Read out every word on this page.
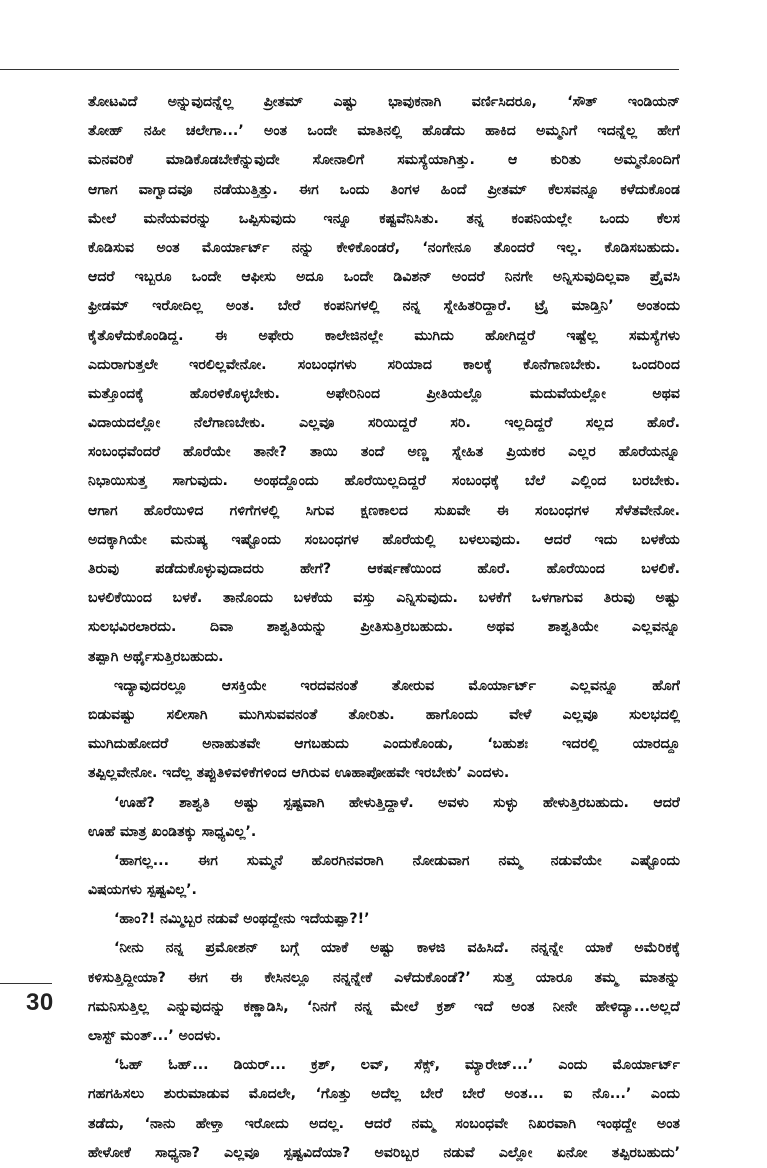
ತೋಟವಿದೆ ಅನ್ನುವುದನ್ನೆಲ್ಲ ಪ್ರೀತಮ್ ಎಷ್ಟು ಭಾವುಕನಾಗಿ ವರ್ಣಿಸಿದರೂ, ‘ಸೌತ್ ಇಂಡಿಯನ್
ತೋಹ್ ನಹೀ ಚಲೇಗಾ...’ ಅಂತ ಒಂದೇ ಮಾತಿನಲ್ಲಿ ಹೊಡೆದು ಹಾಕಿದ ಅಮ್ಮನಿಗೆ ಇದನ್ನೆಲ್ಲ ಹೇಗೆ
ಮನವರಿಕೆ ಮಾಡಿಕೊಡಬೇಕೆನ್ನುವುದೇ ಸೋನಾಲಿಗೆ ಸಮಸ್ಯೆಯಾಗಿತ್ತು. ಆ ಕುರಿತು ಅಮ್ಮನೊಂದಿಗೆ
ಆಗಾಗ ವಾಗ್ವಾದವೂ ನಡೆಯುತ್ತಿತ್ತು. ಈಗ ಒಂದು ತಿಂಗಳ ಹಿಂದೆ ಪ್ರೀತಮ್ ಕೆಲಸವನ್ನೂ ಕಳೆದುಕೊಂಡ
ಮೇಲೆ ಮನೆಯವರನ್ನು ಒಪ್ಪಿಸುವುದು ಇನ್ನೂ ಕಷ್ಟವೆನಿಸಿತು. ತನ್ನ ಕಂಪನಿಯಲ್ಲೇ ಒಂದು ಕೆಲಸ
ಕೊಡಿಸುವ ಅಂತ ಮೊರ್ಯಾರ್ಟ್ ನನ್ನು ಕೇಳಿಕೊಂಡರೆ, ‘ನಂಗೇನೂ ತೊಂದರೆ ಇಲ್ಲ. ಕೊಡಿಸಬಹುದು.
ಆದರೆ ಇಬ್ಬರೂ ಒಂದೇ ಆಫೀಸು ಅದೂ ಒಂದೇ ಡಿವಿಶನ್ ಅಂದರೆ ನಿನಗೇ ಅನ್ನಿಸುವುದಿಲ್ಲವಾ ಪ್ರೈವಸಿ
ಫ್ರೀಡಮ್ ಇರೋದಿಲ್ಲ ಅಂತ. ಬೇರೆ ಕಂಪನಿಗಳಲ್ಲಿ ನನ್ನ ಸ್ನೇಹಿತರಿದ್ದಾರೆ. ಟ್ರೈ ಮಾಡ್ತಿನಿ’ ಅಂತಂದು
ಕೈತೊಳೆದುಕೊಂಡಿದ್ದ. ಈ ಅಫೇರು ಕಾಲೇಜಿನಲ್ಲೇ ಮುಗಿದು ಹೋಗಿದ್ದರೆ ಇಷ್ಟೆಲ್ಲ ಸಮಸ್ಯೆಗಳು
ಎದುರಾಗುತ್ತಲೇ ಇರಲಿಲ್ಲವೇನೋ. ಸಂಬಂಧಗಳು ಸರಿಯಾದ ಕಾಲಕ್ಕೆ ಕೊನೆಗಾಣಬೇಕು. ಒಂದರಿಂದ
ಮತ್ತೊಂದಕ್ಕೆ ಹೊರಳಿಕೊಳ್ಳಬೇಕು. ಅಫೇರಿನಿಂದ ಪ್ರೀತಿಯಲ್ಲೊ ಮದುವೆಯಲ್ಲೋ ಅಥವ
ವಿದಾಯದಲ್ಲೋ ನೆಲೆಗಾಣಬೇಕು. ಎಲ್ಲವೂ ಸರಿಯಿದ್ದರೆ ಸರಿ. ಇಲ್ಲದಿದ್ದರೆ ಸಲ್ಲದ ಹೊರೆ.
ಸಂಬಂಧವೆಂದರೆ ಹೊರೆಯೇ ತಾನೇ? ತಾಯಿ ತಂದೆ ಅಣ್ಣ ಸ್ನೇಹಿತ ಪ್ರಿಯಕರ ಎಲ್ಲರ ಹೊರೆಯನ್ನೂ
ನಿಭಾಯಿಸುತ್ತ ಸಾಗುವುದು. ಅಂಥದ್ದೊಂದು ಹೊರೆಯಿಲ್ಲದಿದ್ದರೆ ಸಂಬಂಧಕ್ಕೆ ಬೆಲೆ ಎಲ್ಲಿಂದ ಬರಬೇಕು.
ಆಗಾಗ ಹೊರೆಯಿಳಿದ ಗಳಿಗೆಗಳಲ್ಲಿ ಸಿಗುವ ಕ್ಷಣಕಾಲದ ಸುಖವೇ ಈ ಸಂಬಂಧಗಳ ಸೆಳೆತವೇನೋ.
ಅದಕ್ಕಾಗಿಯೇ ಮನುಷ್ಯ ಇಷ್ಟೊಂದು ಸಂಬಂಧಗಳ ಹೊರೆಯಲ್ಲಿ ಬಳಲುವುದು. ಆದರೆ ಇದು ಬಳಕೆಯ
ತಿರುವು ಪಡೆದುಕೊಳ್ಳುವುದಾದರು ಹೇಗೆ? ಆಕರ್ಷಣೆಯಿಂದ ಹೊರೆ. ಹೊರೆಯಿಂದ ಬಳಲಿಕೆ.
ಬಳಲಿಕೆಯಿಂದ ಬಳಕೆ. ತಾನೊಂದು ಬಳಕೆಯ ವಸ್ತು ಎನ್ನಿಸುವುದು. ಬಳಕೆಗೆ ಒಳಗಾಗುವ ತಿರುವು ಅಷ್ಟು
ಸುಲಭವಿರಲಾರದು. ದಿವಾ ಶಾಶ್ವತಿಯನ್ನು ಪ್ರೀತಿಸುತ್ತಿರಬಹುದು. ಅಥವ ಶಾಶ್ವತಿಯೇ ಎಲ್ಲವನ್ನೂ
ತಪ್ಪಾಗಿ ಅರ್ಥೈಸುತ್ತಿರಬಹುದು.
ಇದ್ಯಾವುದರಲ್ಲೂ ಆಸಕ್ತಿಯೇ ಇರದವನಂತೆ ತೋರುವ ಮೊರ್ಯಾರ್ಟ್ ಎಲ್ಲವನ್ನೂ ಹೊಗೆ
ಬಿಡುವಷ್ಟು ಸಲೀಸಾಗಿ ಮುಗಿಸುವವನಂತೆ ತೋರಿತು. ಹಾಗೊಂದು ವೇಳೆ ಎಲ್ಲವೂ ಸುಲಭದಲ್ಲಿ
ಮುಗಿದುಹೋದರೆ ಅನಾಹುತವೇ ಆಗಬಹುದು ಎಂದುಕೊಂಡು, ‘ಬಹುಶಃ ಇದರಲ್ಲಿ ಯಾರದ್ದೂ
ತಪ್ಪಿಲ್ಲವೇನೋ. ಇದೆಲ್ಲ ತಪ್ಪುತಿಳಿವಳಿಕೆಗಳಿಂದ ಆಗಿರುವ ಊಹಾಪೋಹವೇ ಇರಬೇಕು’ ಎಂದಳು.
‘ಊಹೆ? ಶಾಶ್ವತಿ ಅಷ್ಟು ಸ್ಪಷ್ಟವಾಗಿ ಹೇಳುತ್ತಿದ್ದಾಳೆ. ಅವಳು ಸುಳ್ಳು ಹೇಳುತ್ತಿರಬಹುದು. ಆದರೆ
ಊಹೆ ಮಾತ್ರ ಖಂಡಿತಕ್ಕು ಸಾಧ್ಯವಿಲ್ಲ’.
‘ಹಾಗಲ್ಲ... ಈಗ ಸುಮ್ಮನೆ ಹೊರಗಿನವರಾಗಿ ನೋಡುವಾಗ ನಮ್ಮ ನಡುವೆಯೇ ಎಷ್ಟೊಂದು
ವಿಷಯಗಳು ಸ್ಪಷ್ಟವಿಲ್ಲ’.
‘ಹಾಂ?! ನಮ್ಮಿಬ್ಬರ ನಡುವೆ ಅಂಥದ್ದೇನು ಇದೆಯಪ್ಪಾ?!’
‘ನೀನು ನನ್ನ ಪ್ರಮೋಶನ್ ಬಗ್ಗೆ ಯಾಕೆ ಅಷ್ಟು ಕಾಳಜಿ ವಹಿಸಿದೆ. ನನ್ನನ್ನೇ ಯಾಕೆ ಅಮೆರಿಕಕ್ಕೆ
ಕಳಿಸುತ್ತಿದ್ದೀಯಾ? ಈಗ ಈ ಕೇಸಿನಲ್ಲೂ ನನ್ನನ್ನೇಕೆ ಎಳೆದುಕೊಂಡೆ?’ ಸುತ್ತ ಯಾರೂ ತಮ್ಮ ಮಾತನ್ನು
ಗಮನಿಸುತ್ತಿಲ್ಲ ಎನ್ನುವುದನ್ನು ಕಣ್ಣಾಡಿಸಿ, ‘ನಿನಗೆ ನನ್ನ ಮೇಲೆ ಕ್ರಶ್ ಇದೆ ಅಂತ ನೀನೇ ಹೇಳಿದ್ಯಾ...ಅಲ್ಲದೆ
ಲಾಸ್ಟ್ ಮಂತ್...’ ಅಂದಳು.
‘ಓಹ್ ಓಹ್... ಡಿಯರ್... ಕ್ರಶ್, ಲವ್, ಸೆಕ್ಸ್, ಮ್ಯಾರೇಜ್...’ ಎಂದು ಮೊರ್ಯಾರ್ಟ್
ಗಹಗಹಿಸಲು ಶುರುಮಾಡುವ ಮೊದಲೇ, ‘ಗೊತ್ತು ಅದೆಲ್ಲ ಬೇರೆ ಬೇರೆ ಅಂತ... ಐ ನೊ...’ ಎಂದು
ತಡೆದು, ‘ನಾನು ಹೇಳ್ತಾ ಇರೋದು ಅದಲ್ಲ. ಆದರೆ ನಮ್ಮ ಸಂಬಂಧವೇ ನಿಖರವಾಗಿ ಇಂಥದ್ದೇ ಅಂತ
ಹೇಳೋಕೆ ಸಾಧ್ಯನಾ? ಎಲ್ಲವೂ ಸ್ಪಷ್ಟವಿದೆಯಾ? ಅವರಿಬ್ಬರ ನಡುವೆ ಎಲ್ಲೋ ಏನೋ ತಪ್ಪಿರಬಹುದು’
30
